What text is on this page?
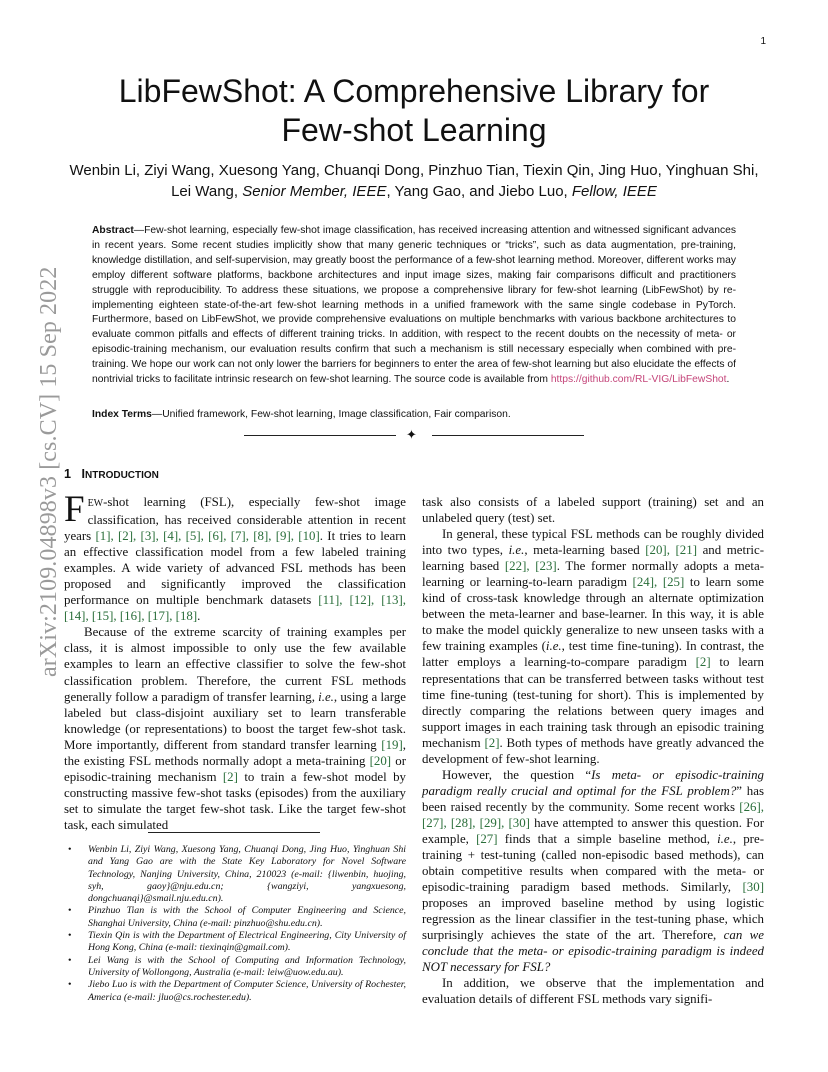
1
arXiv:2109.04898v3 [cs.CV] 15 Sep 2022
LibFewShot: A Comprehensive Library for
Few-shot Learning
Wenbin Li, Ziyi Wang, Xuesong Yang, Chuanqi Dong, Pinzhuo Tian, Tiexin Qin, Jing Huo, Yinghuan Shi,
Lei Wang, Senior Member, IEEE, Yang Gao, and Jiebo Luo, Fellow, IEEE
Abstract—Few-shot learning, especially few-shot image classification, has received increasing attention and witnessed significant advances in recent years. Some recent studies implicitly show that many generic techniques or “tricks”, such as data augmentation, pre-training, knowledge distillation, and self-supervision, may greatly boost the performance of a few-shot learning method. Moreover, different works may employ different software platforms, backbone architectures and input image sizes, making fair comparisons difficult and practitioners struggle with reproducibility. To address these situations, we propose a comprehensive library for few-shot learning (LibFewShot) by re-implementing eighteen state-of-the-art few-shot learning methods in a unified framework with the same single codebase in PyTorch. Furthermore, based on LibFewShot, we provide comprehensive evaluations on multiple benchmarks with various backbone architectures to evaluate common pitfalls and effects of different training tricks. In addition, with respect to the recent doubts on the necessity of meta- or episodic-training mechanism, our evaluation results confirm that such a mechanism is still necessary especially when combined with pre-training. We hope our work can not only lower the barriers for beginners to enter the area of few-shot learning but also elucidate the effects of nontrivial tricks to facilitate intrinsic research on few-shot learning. The source code is available from https://github.com/RL-VIG/LibFewShot.
Index Terms—Unified framework, Few-shot learning, Image classification, Fair comparison.
✦
1 INTRODUCTION

FEW-shot learning (FSL), especially few-shot image classification, has received considerable attention in recent years [1], [2], [3], [4], [5], [6], [7], [8], [9], [10]. It tries to learn an effective classification model from a few labeled training examples. A wide variety of advanced FSL methods has been proposed and significantly improved the classification performance on multiple benchmark datasets [11], [12], [13], [14], [15], [16], [17], [18].

Because of the extreme scarcity of training examples per class, it is almost impossible to only use the few available examples to learn an effective classifier to solve the few-shot classification problem. Therefore, the current FSL methods generally follow a paradigm of transfer learning, i.e., using a large labeled but class-disjoint auxiliary set to learn transferable knowledge (or representations) to boost the target few-shot task. More importantly, different from standard transfer learning [19], the existing FSL methods normally adopt a meta-training [20] or episodic-training mechanism [2] to train a few-shot model by constructing massive few-shot tasks (episodes) from the auxiliary set to simulate the target few-shot task. Like the target few-shot task, each simulated

• Wenbin Li, Ziyi Wang, Xuesong Yang, Chuanqi Dong, Jing Huo, Yinghuan Shi and Yang Gao are with the State Key Laboratory for Novel Software Technology, Nanjing University, China, 210023 (e-mail: {liwenbin, huojing, syh, gaoy}@nju.edu.cn; {wangziyi, yangxuesong, dongchuanqi}@smail.nju.edu.cn).
• Pinzhuo Tian is with the School of Computer Engineering and Science, Shanghai University, China (e-mail: pinzhuo@shu.edu.cn).
• Tiexin Qin is with the Department of Electrical Engineering, City University of Hong Kong, China (e-mail: tiexinqin@gmail.com).
• Lei Wang is with the School of Computing and Information Technology, University of Wollongong, Australia (e-mail: leiw@uow.edu.au).
• Jiebo Luo is with the Department of Computer Science, University of Rochester, America (e-mail: jluo@cs.rochester.edu).

task also consists of a labeled support (training) set and an unlabeled query (test) set.

In general, these typical FSL methods can be roughly divided into two types, i.e., meta-learning based [20], [21] and metric-learning based [22], [23]. The former normally adopts a meta-learning or learning-to-learn paradigm [24], [25] to learn some kind of cross-task knowledge through an alternate optimization between the meta-learner and base-learner. In this way, it is able to make the model quickly generalize to new unseen tasks with a few training examples (i.e., test time fine-tuning). In contrast, the latter employs a learning-to-compare paradigm [2] to learn representations that can be transferred between tasks without test time fine-tuning (test-tuning for short). This is implemented by directly comparing the relations between query images and support images in each training task through an episodic training mechanism [2]. Both types of methods have greatly advanced the development of few-shot learning.

However, the question “Is meta- or episodic-training paradigm really crucial and optimal for the FSL problem?” has been raised recently by the community. Some recent works [26], [27], [28], [29], [30] have attempted to answer this question. For example, [27] finds that a simple baseline method, i.e., pre-training + test-tuning (called non-episodic based methods), can obtain competitive results when compared with the meta- or episodic-training paradigm based methods. Similarly, [30] proposes an improved baseline method by using logistic regression as the linear classifier in the test-tuning phase, which surprisingly achieves the state of the art. Therefore, can we conclude that the meta- or episodic-training paradigm is indeed NOT necessary for FSL?

In addition, we observe that the implementation and evaluation details of different FSL methods vary signifi-
